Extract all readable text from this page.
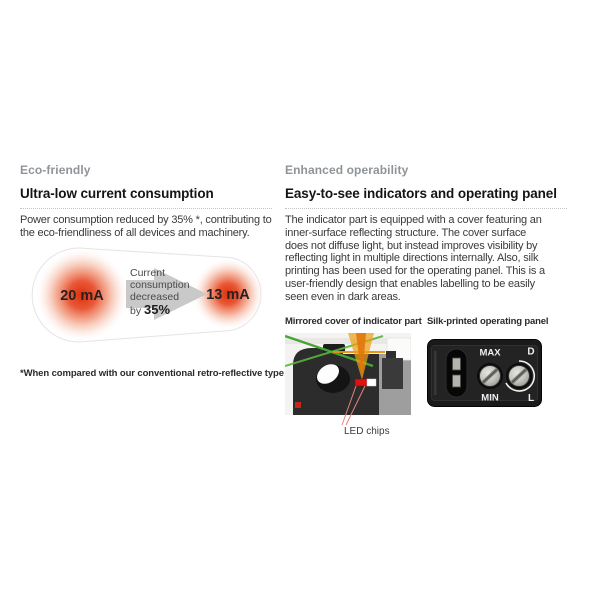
Eco-friendly
Ultra-low current consumption
Power consumption reduced by 35% *, contributing to
the eco-friendliness of all devices and machinery.
20 mA	13 mA
Current
consumption
decreased
by 35%
*When compared with our conventional retro-reflective type
Enhanced operability
Easy-to-see indicators and operating panel
The indicator part is equipped with a cover featuring an
inner-surface reflecting structure. The cover surface
does not diffuse light, but instead improves visibility by
reflecting light in multiple directions internally. Also, silk
printing has been used for the operating panel. This is a
user-friendly design that enables labelling to be easily
seen even in dark areas.
Mirrored cover of indicator part
LED chips
Silk-printed operating panel
MAX
MIN
D
L
